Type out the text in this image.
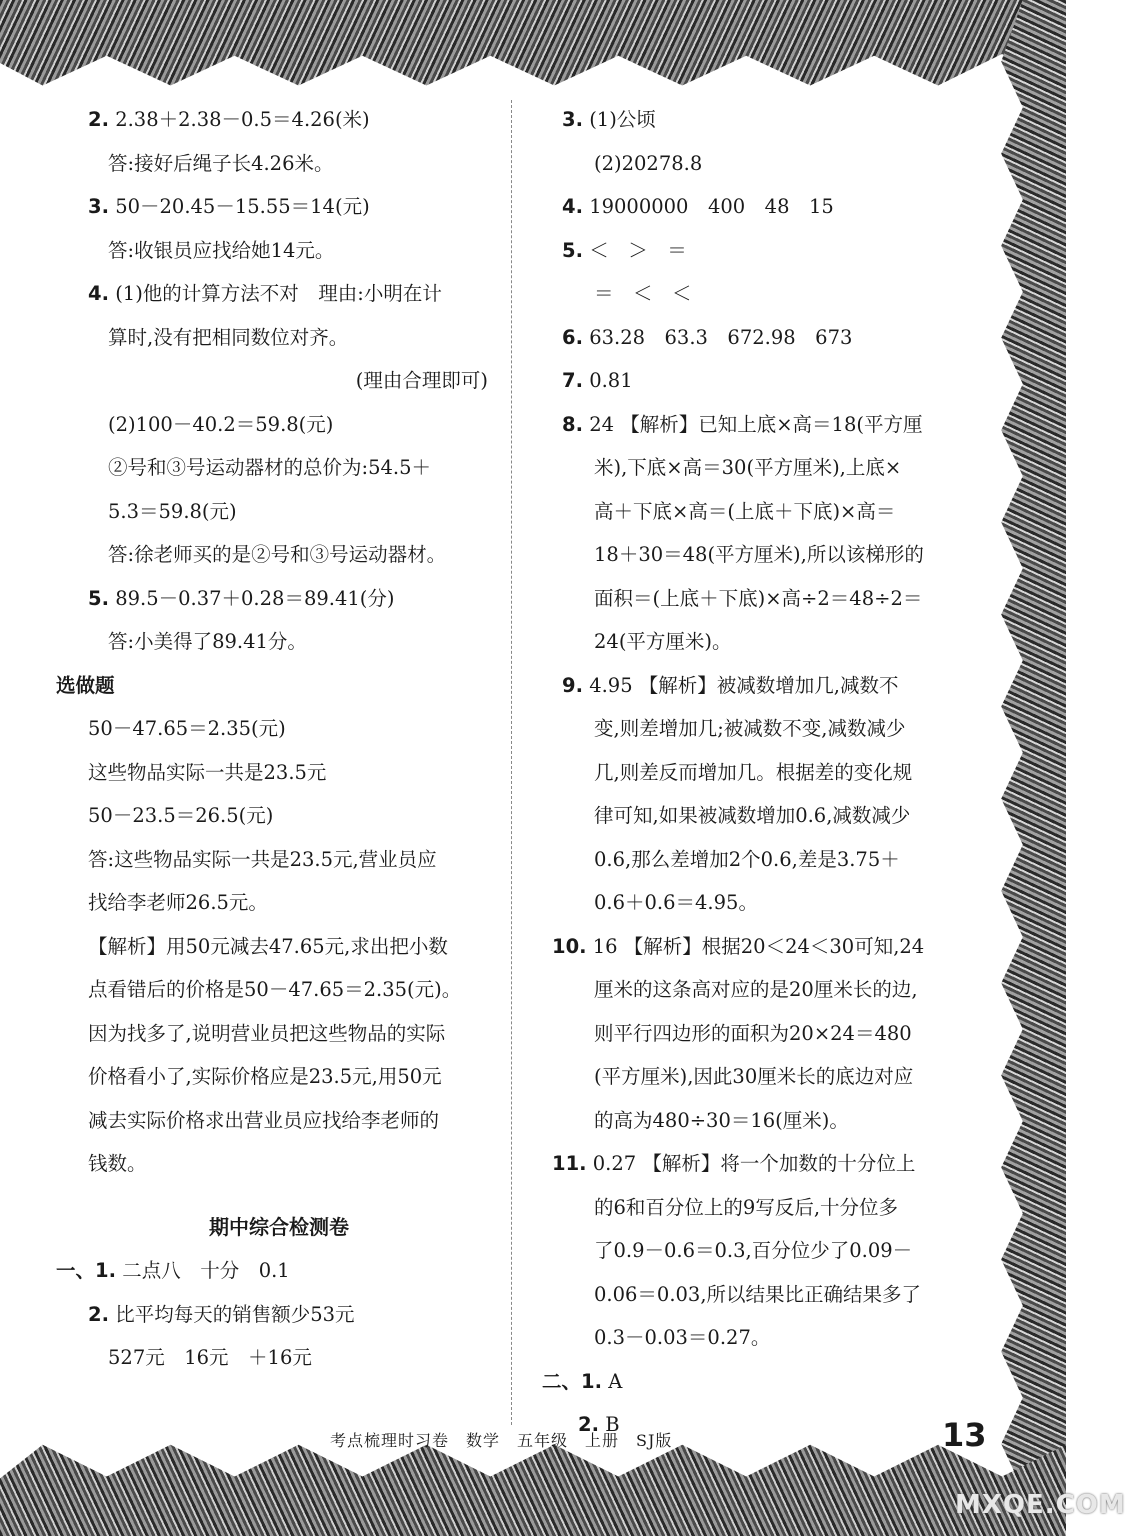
2. 2.38＋2.38－0.5＝4.26(米)
答:接好后绳子长4.26米。
3. 50－20.45－15.55＝14(元)
答:收银员应找给她14元。
4. (1)他的计算方法不对　理由:小明在计
算时,没有把相同数位对齐。
(理由合理即可)
(2)100－40.2＝59.8(元)
②号和③号运动器材的总价为:54.5＋
5.3＝59.8(元)
答:徐老师买的是②号和③号运动器材。
5. 89.5－0.37＋0.28＝89.41(分)
答:小美得了89.41分。
选做题
50－47.65＝2.35(元)
这些物品实际一共是23.5元
50－23.5＝26.5(元)
答:这些物品实际一共是23.5元,营业员应
找给李老师26.5元。
【解析】用50元减去47.65元,求出把小数
点看错后的价格是50－47.65＝2.35(元)。
因为找多了,说明营业员把这些物品的实际
价格看小了,实际价格应是23.5元,用50元
减去实际价格求出营业员应找给李老师的
钱数。
期中综合检测卷
一、1. 二点八　十分　0.1
2. 比平均每天的销售额少53元
527元　16元　＋16元
3. (1)公顷
(2)20278.8
4. 19000000　400　48　15
5. ＜　＞　＝
＝　＜　＜
6. 63.28　63.3　672.98　673
7. 0.81
8. 24 【解析】已知上底×高＝18(平方厘
米),下底×高＝30(平方厘米),上底×
高＋下底×高＝(上底＋下底)×高＝
18＋30＝48(平方厘米),所以该梯形的
面积＝(上底＋下底)×高÷2＝48÷2＝
24(平方厘米)。
9. 4.95 【解析】被减数增加几,减数不
变,则差增加几;被减数不变,减数减少
几,则差反而增加几。根据差的变化规
律可知,如果被减数增加0.6,减数减少
0.6,那么差增加2个0.6,差是3.75＋
0.6＋0.6＝4.95。
10. 16 【解析】根据20＜24＜30可知,24
厘米的这条高对应的是20厘米长的边,
则平行四边形的面积为20×24＝480
(平方厘米),因此30厘米长的底边对应
的高为480÷30＝16(厘米)。
11. 0.27 【解析】将一个加数的十分位上
的6和百分位上的9写反后,十分位多
了0.9－0.6＝0.3,百分位少了0.09－
0.06＝0.03,所以结果比正确结果多了
0.3－0.03＝0.27。
二、1. A
2. B
考点梳理时习卷　数学　五年级　上册　SJ版	13
MXQE.COM
